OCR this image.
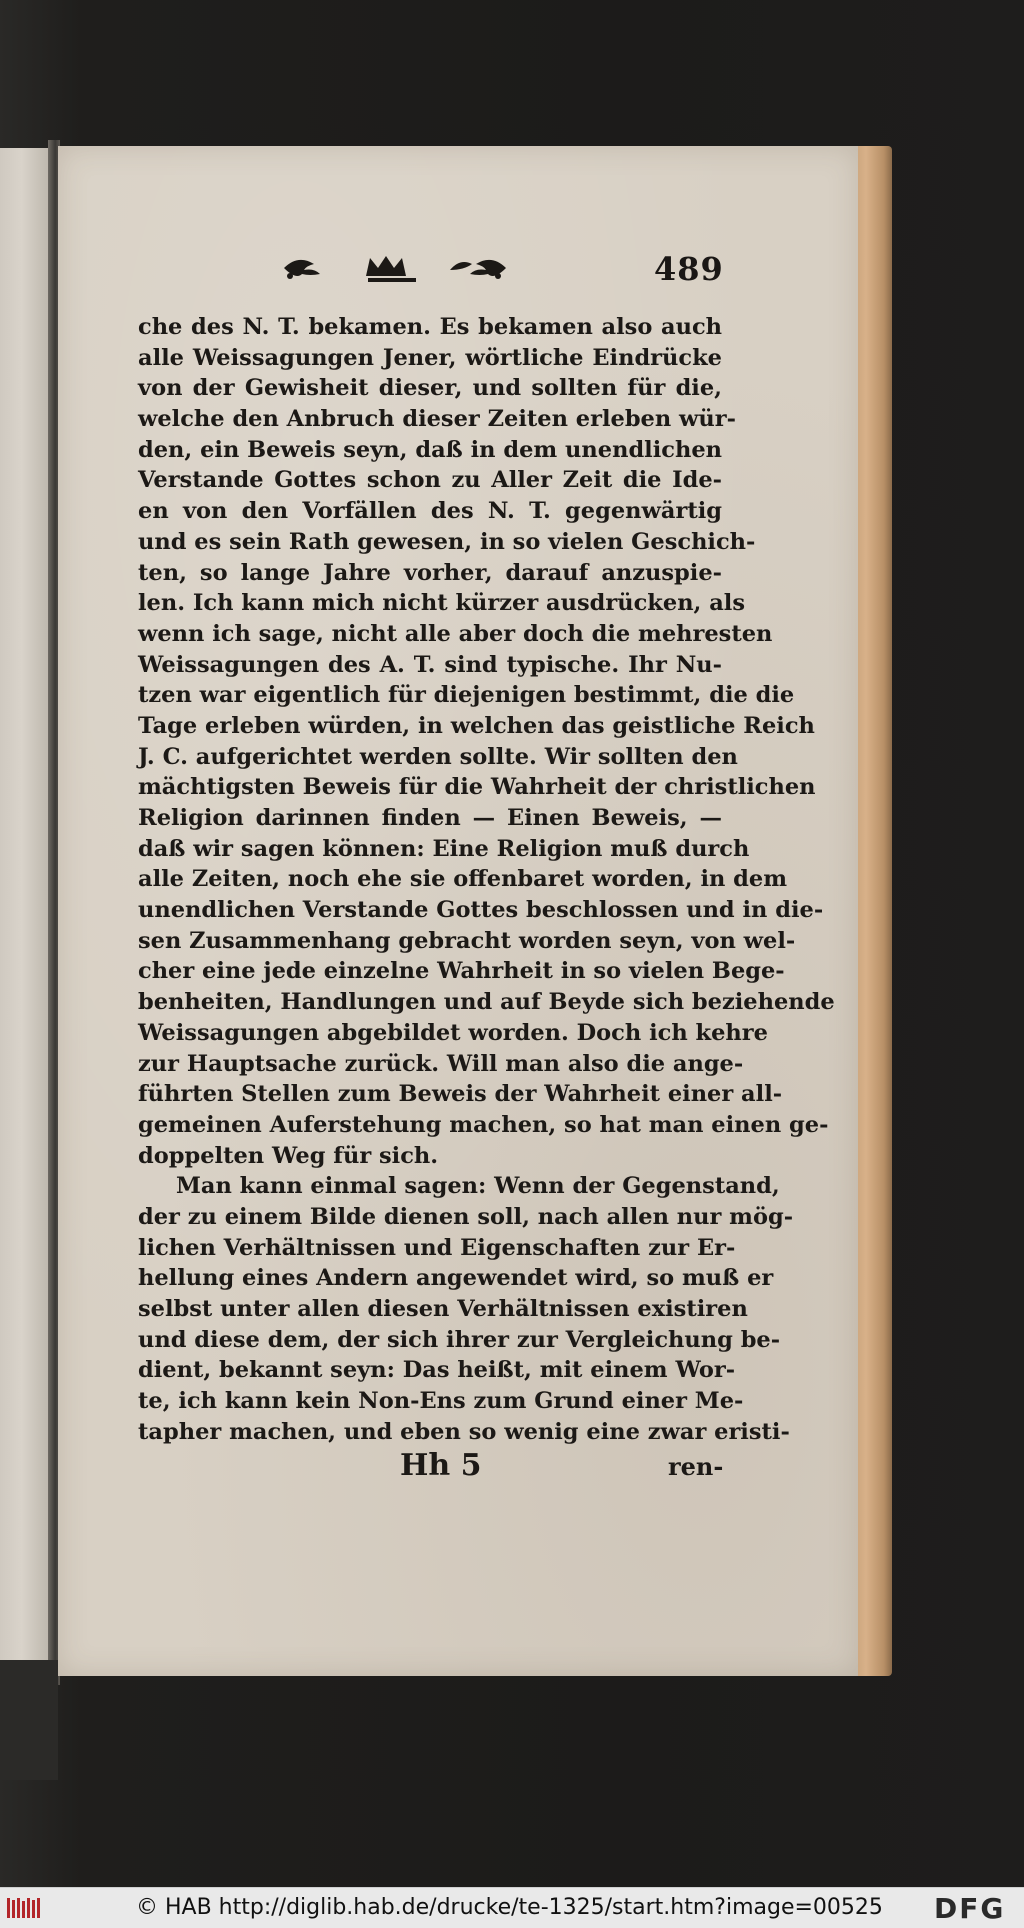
489
che des N. T. bekamen. Es bekamen also auch
alle Weissagungen Jener, wörtliche Eindrücke
von der Gewisheit dieser, und sollten für die,
welche den Anbruch dieser Zeiten erleben wür-
den, ein Beweis seyn, daß in dem unendlichen
Verstande Gottes schon zu Aller Zeit die Ide-
en von den Vorfällen des N. T. gegenwärtig
und es sein Rath gewesen, in so vielen Geschich-
ten, so lange Jahre vorher, darauf anzuspie-
len. Ich kann mich nicht kürzer ausdrücken, als
wenn ich sage, nicht alle aber doch die mehresten
Weissagungen des A. T. sind typische. Ihr Nu-
tzen war eigentlich für diejenigen bestimmt, die die
Tage erleben würden, in welchen das geistliche Reich
J. C. aufgerichtet werden sollte. Wir sollten den
mächtigsten Beweis für die Wahrheit der christlichen
Religion darinnen finden — Einen Beweis, —
daß wir sagen können: Eine Religion muß durch
alle Zeiten, noch ehe sie offenbaret worden, in dem
unendlichen Verstande Gottes beschlossen und in die-
sen Zusammenhang gebracht worden seyn, von wel-
cher eine jede einzelne Wahrheit in so vielen Bege-
benheiten, Handlungen und auf Beyde sich beziehende
Weissagungen abgebildet worden. Doch ich kehre
zur Hauptsache zurück. Will man also die ange-
führten Stellen zum Beweis der Wahrheit einer all-
gemeinen Auferstehung machen, so hat man einen ge-
doppelten Weg für sich.
Man kann einmal sagen: Wenn der Gegenstand,
der zu einem Bilde dienen soll, nach allen nur mög-
lichen Verhältnissen und Eigenschaften zur Er-
hellung eines Andern angewendet wird, so muß er
selbst unter allen diesen Verhältnissen existiren
und diese dem, der sich ihrer zur Vergleichung be-
dient, bekannt seyn: Das heißt, mit einem Wor-
te, ich kann kein Non-Ens zum Grund einer Me-
tapher machen, und eben so wenig eine zwar eristi-
Hh 5	ren-
© HAB http://diglib.hab.de/drucke/te-1325/start.htm?image=00525 DFG
